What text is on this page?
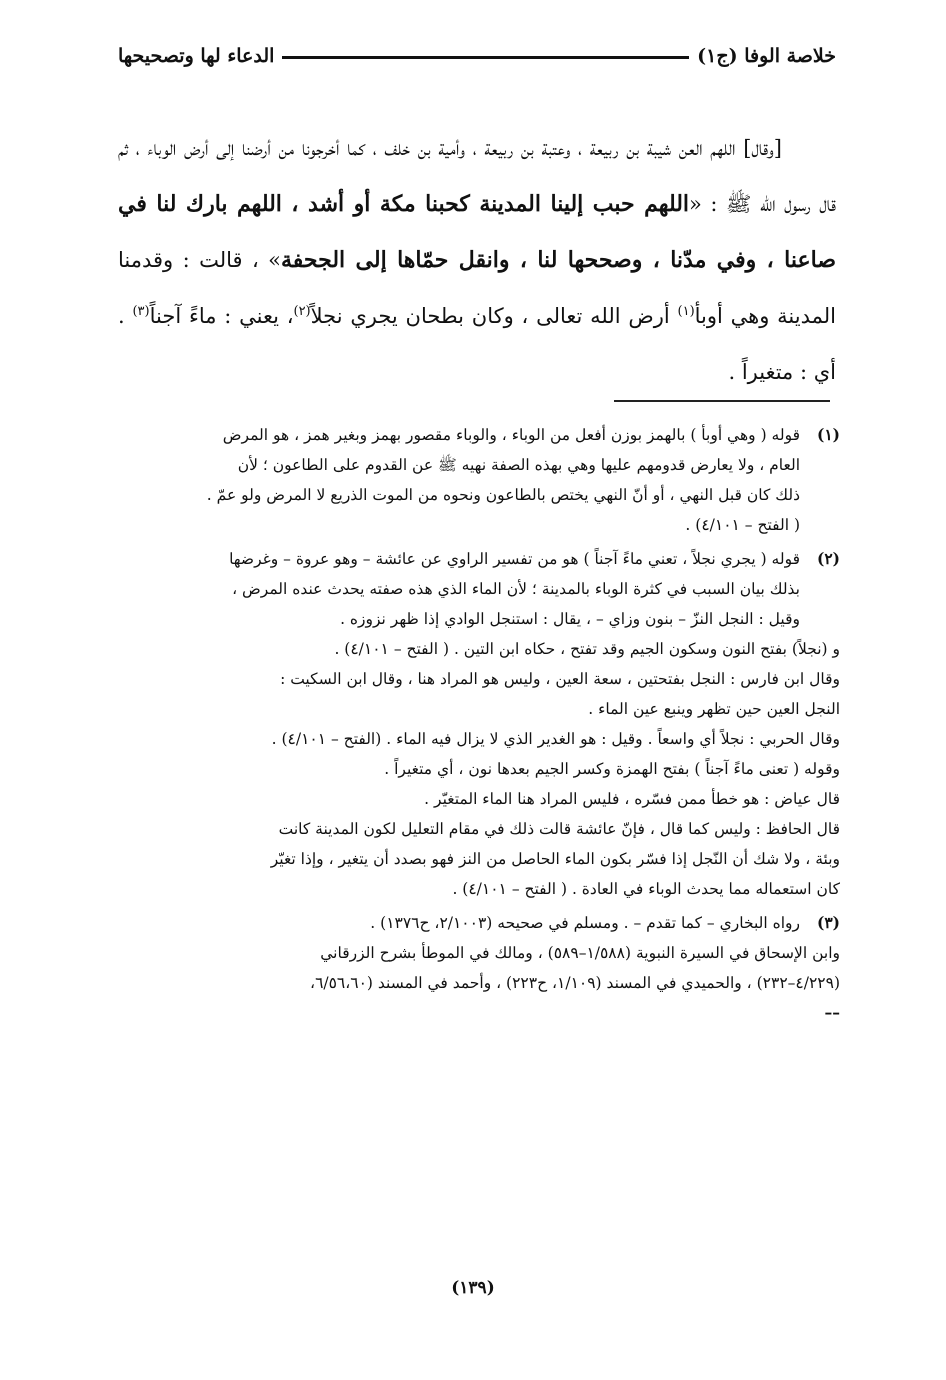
خلاصة الوفا (ج١)
الدعاء لها وتصحيحها

[وقال] اللهم العن شيبة بن ربيعة ، وعتبة بن ربيعة ، وأمية بن خلف ، كما أخرجونا من أرضنا إلى أرض الوباء ، ثم قال رسول الله ﷺ : «اللهم حبب إلينا المدينة كحبنا مكة أو أشد ، اللهم بارك لنا في صاعنا ، وفي مدّنا ، وصححها لنا ، وانقل حمّاها إلى الجحفة» ، قالت : وقدمنا المدينة وهي أوبأ$^{(١)}$ أرض الله تعالى ، وكان بطحان يجري نجلاً$^{(٢)}$، يعني : ماءً آجناً$^{(٣)}$ . أي : متغيراً .

(١)
قوله ( وهي أوبأ ) بالهمز بوزن أفعل من الوباء ، والوباء مقصور بهمز وبغير همز ، هو المرض
العام ، ولا يعارض قدومهم عليها وهي بهذه الصفة نهيه ﷺ عن القدوم على الطاعون ؛ لأن
ذلك كان قبل النهي ، أو أنّ النهي يختص بالطاعون ونحوه من الموت الذريع لا المرض ولو عمّ .
( الفتح – ٤/١٠١) .
(٢)
قوله ( يجري نجلاً ، تعني ماءً آجناً ) هو من تفسير الراوي عن عائشة – وهو عروة – وغرضها
بذلك بيان السبب في كثرة الوباء بالمدينة ؛ لأن الماء الذي هذه صفته يحدث عنده المرض ،
وقيل : النجل النزّ – بنون وزاي – ، يقال : استنجل الوادي إذا ظهر نزوزه .
و (نجلاً) بفتح النون وسكون الجيم وقد تفتح ، حكاه ابن التين . ( الفتح – ٤/١٠١) .
وقال ابن فارس : النجل بفتحتين ، سعة العين ، وليس هو المراد هنا ، وقال ابن السكيت :
النجل العين حين تظهر وينبع عين الماء .
وقال الحربي : نجلاً أي واسعاً . وقيل : هو الغدير الذي لا يزال فيه الماء . (الفتح – ٤/١٠١) .
وقوله ( تعنى ماءً آجناً ) بفتح الهمزة وكسر الجيم بعدها نون ، أي متغيراً .
قال عياض : هو خطأ ممن فسّره ، فليس المراد هنا الماء المتغيّر .
قال الحافظ : وليس كما قال ، فإنّ عائشة قالت ذلك في مقام التعليل لكون المدينة كانت
وبئة ، ولا شك أن النّجل إذا فسّر بكون الماء الحاصل من النز فهو بصدد أن يتغير ، وإذا تغيّر
كان استعماله مما يحدث الوباء في العادة . ( الفتح – ٤/١٠١) .
(٣)
رواه البخاري – كما تقدم – . ومسلم في صحيحه (٢/١٠٠٣، ح١٣٧٦) .
وابن الإسحاق في السيرة النبوية (١/٥٨٨–٥٨٩) ، ومالك في الموطأ بشرح الزرقاني
(٤/٢٢٩–٢٣٢) ، والحميدي في المسند (١/١٠٩، ح٢٢٣) ، وأحمد في المسند (٦/٥٦،٦٠،
––
(١٣٩)
